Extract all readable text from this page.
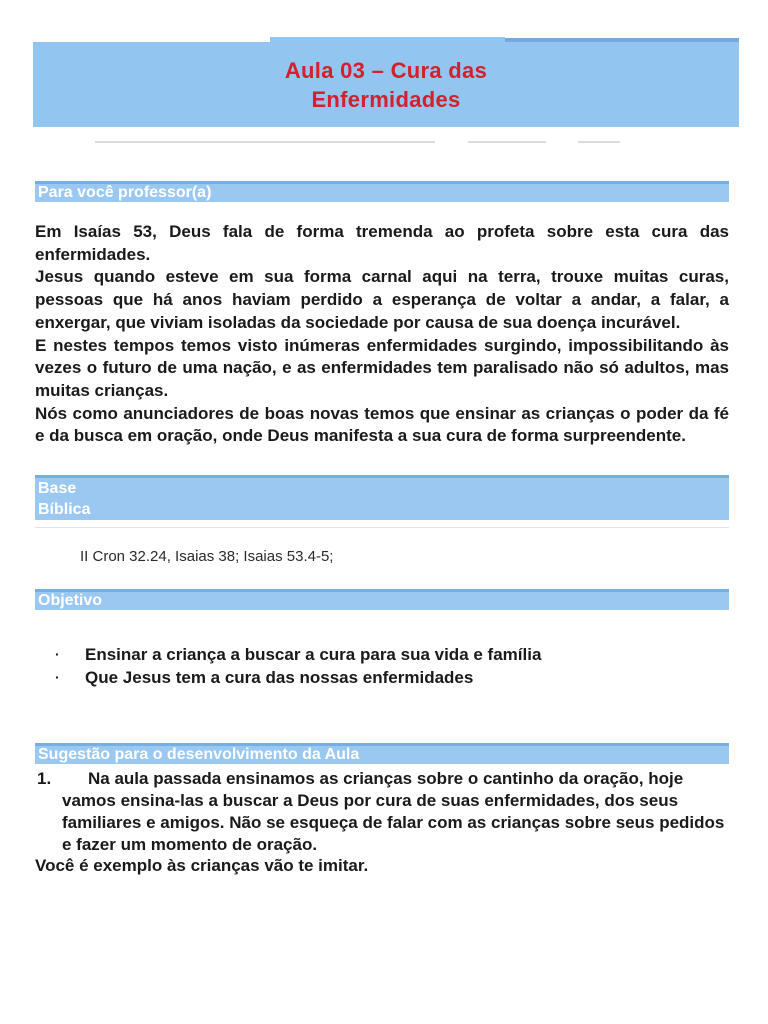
Aula 03 – Cura das
Enfermidades
Para você professor(a)

Em Isaías 53, Deus fala de forma tremenda ao profeta sobre esta cura das enfermidades.

Jesus quando esteve em sua forma carnal aqui na terra, trouxe muitas curas, pessoas que há anos haviam perdido a esperança de voltar a andar, a falar, a enxergar, que viviam isoladas da sociedade por causa de sua doença incurável.

E nestes tempos temos visto inúmeras enfermidades surgindo, impossibilitando às vezes o futuro de uma nação, e as enfermidades tem paralisado não só adultos, mas muitas crianças.

Nós como anunciadores de boas novas temos que ensinar as crianças o poder da fé e da busca em oração, onde Deus manifesta a sua cura de forma surpreendente.

Base
Bíblica
II Cron 32.24, Isaias 38; Isaias 53.4-5;
Objetivo
·	Ensinar a criança a buscar a cura para sua vida e família
·	Que Jesus tem a cura das nossas enfermidades
Sugestão para o desenvolvimento da Aula
1.	Na aula passada ensinamos as crianças sobre o cantinho da oração, hoje vamos ensina-las a buscar a Deus por cura de suas enfermidades, dos seus familiares e amigos. Não se esqueça de falar com as crianças sobre seus pedidos e fazer um momento de oração.
Você é exemplo às crianças vão te imitar.
